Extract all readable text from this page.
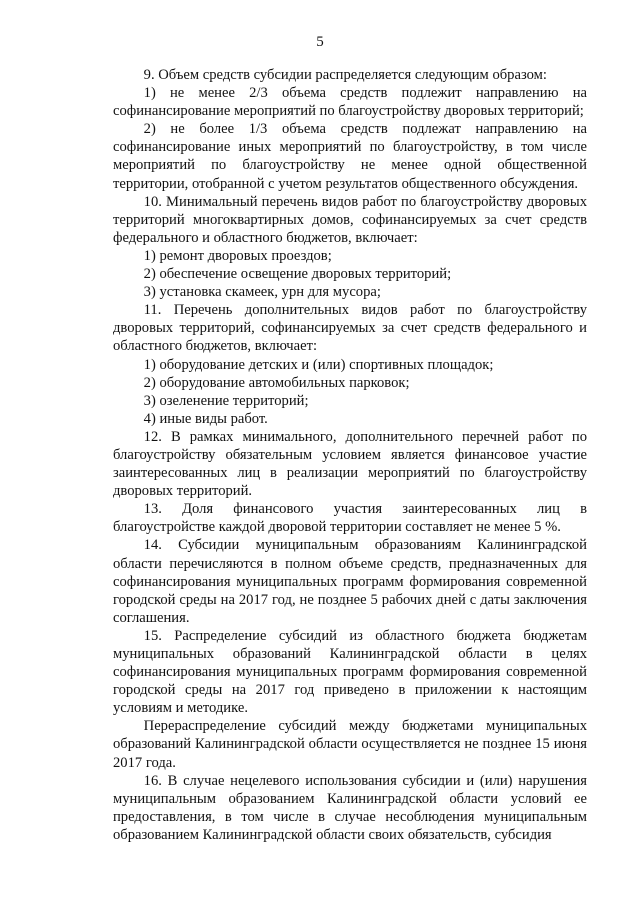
5

9. Объем средств субсидии распределяется следующим образом:

1) не менее 2/3 объема средств подлежит направлению на софинансирование мероприятий по благоустройству дворовых территорий;

2) не более 1/3 объема средств подлежат направлению на софинансирование иных мероприятий по благоустройству, в том числе мероприятий по благоустройству не менее одной общественной территории, отобранной с учетом результатов общественного обсуждения.

10. Минимальный перечень видов работ по благоустройству дворовых территорий многоквартирных домов, софинансируемых за счет средств федерального и областного бюджетов, включает:

1) ремонт дворовых проездов;

2) обеспечение освещение дворовых территорий;

3) установка скамеек, урн для мусора;

11. Перечень дополнительных видов работ по благоустройству дворовых территорий, софинансируемых за счет средств федерального и областного бюджетов, включает:

1) оборудование детских и (или) спортивных площадок;

2) оборудование автомобильных парковок;

3) озеленение территорий;

4) иные виды работ.

12. В рамках минимального, дополнительного перечней работ по благоустройству обязательным условием является финансовое участие заинтересованных лиц в реализации мероприятий по благоустройству дворовых территорий.

13. Доля финансового участия заинтересованных лиц в благоустройстве каждой дворовой территории составляет не менее 5 %.

14. Субсидии муниципальным образованиям Калининградской области перечисляются в полном объеме средств, предназначенных для софинансирования муниципальных программ формирования современной городской среды на 2017 год, не позднее 5 рабочих дней с даты заключения соглашения.

15. Распределение субсидий из областного бюджета бюджетам муниципальных образований Калининградской области в целях софинансирования муниципальных программ формирования современной городской среды на 2017 год приведено в приложении к настоящим условиям и методике.

Перераспределение субсидий между бюджетами муниципальных образований Калининградской области осуществляется не позднее 15 июня 2017 года.

16. В случае нецелевого использования субсидии и (или) нарушения муниципальным образованием Калининградской области условий ее предоставления, в том числе в случае несоблюдения муниципальным образованием Калининградской области своих обязательств, субсидия
